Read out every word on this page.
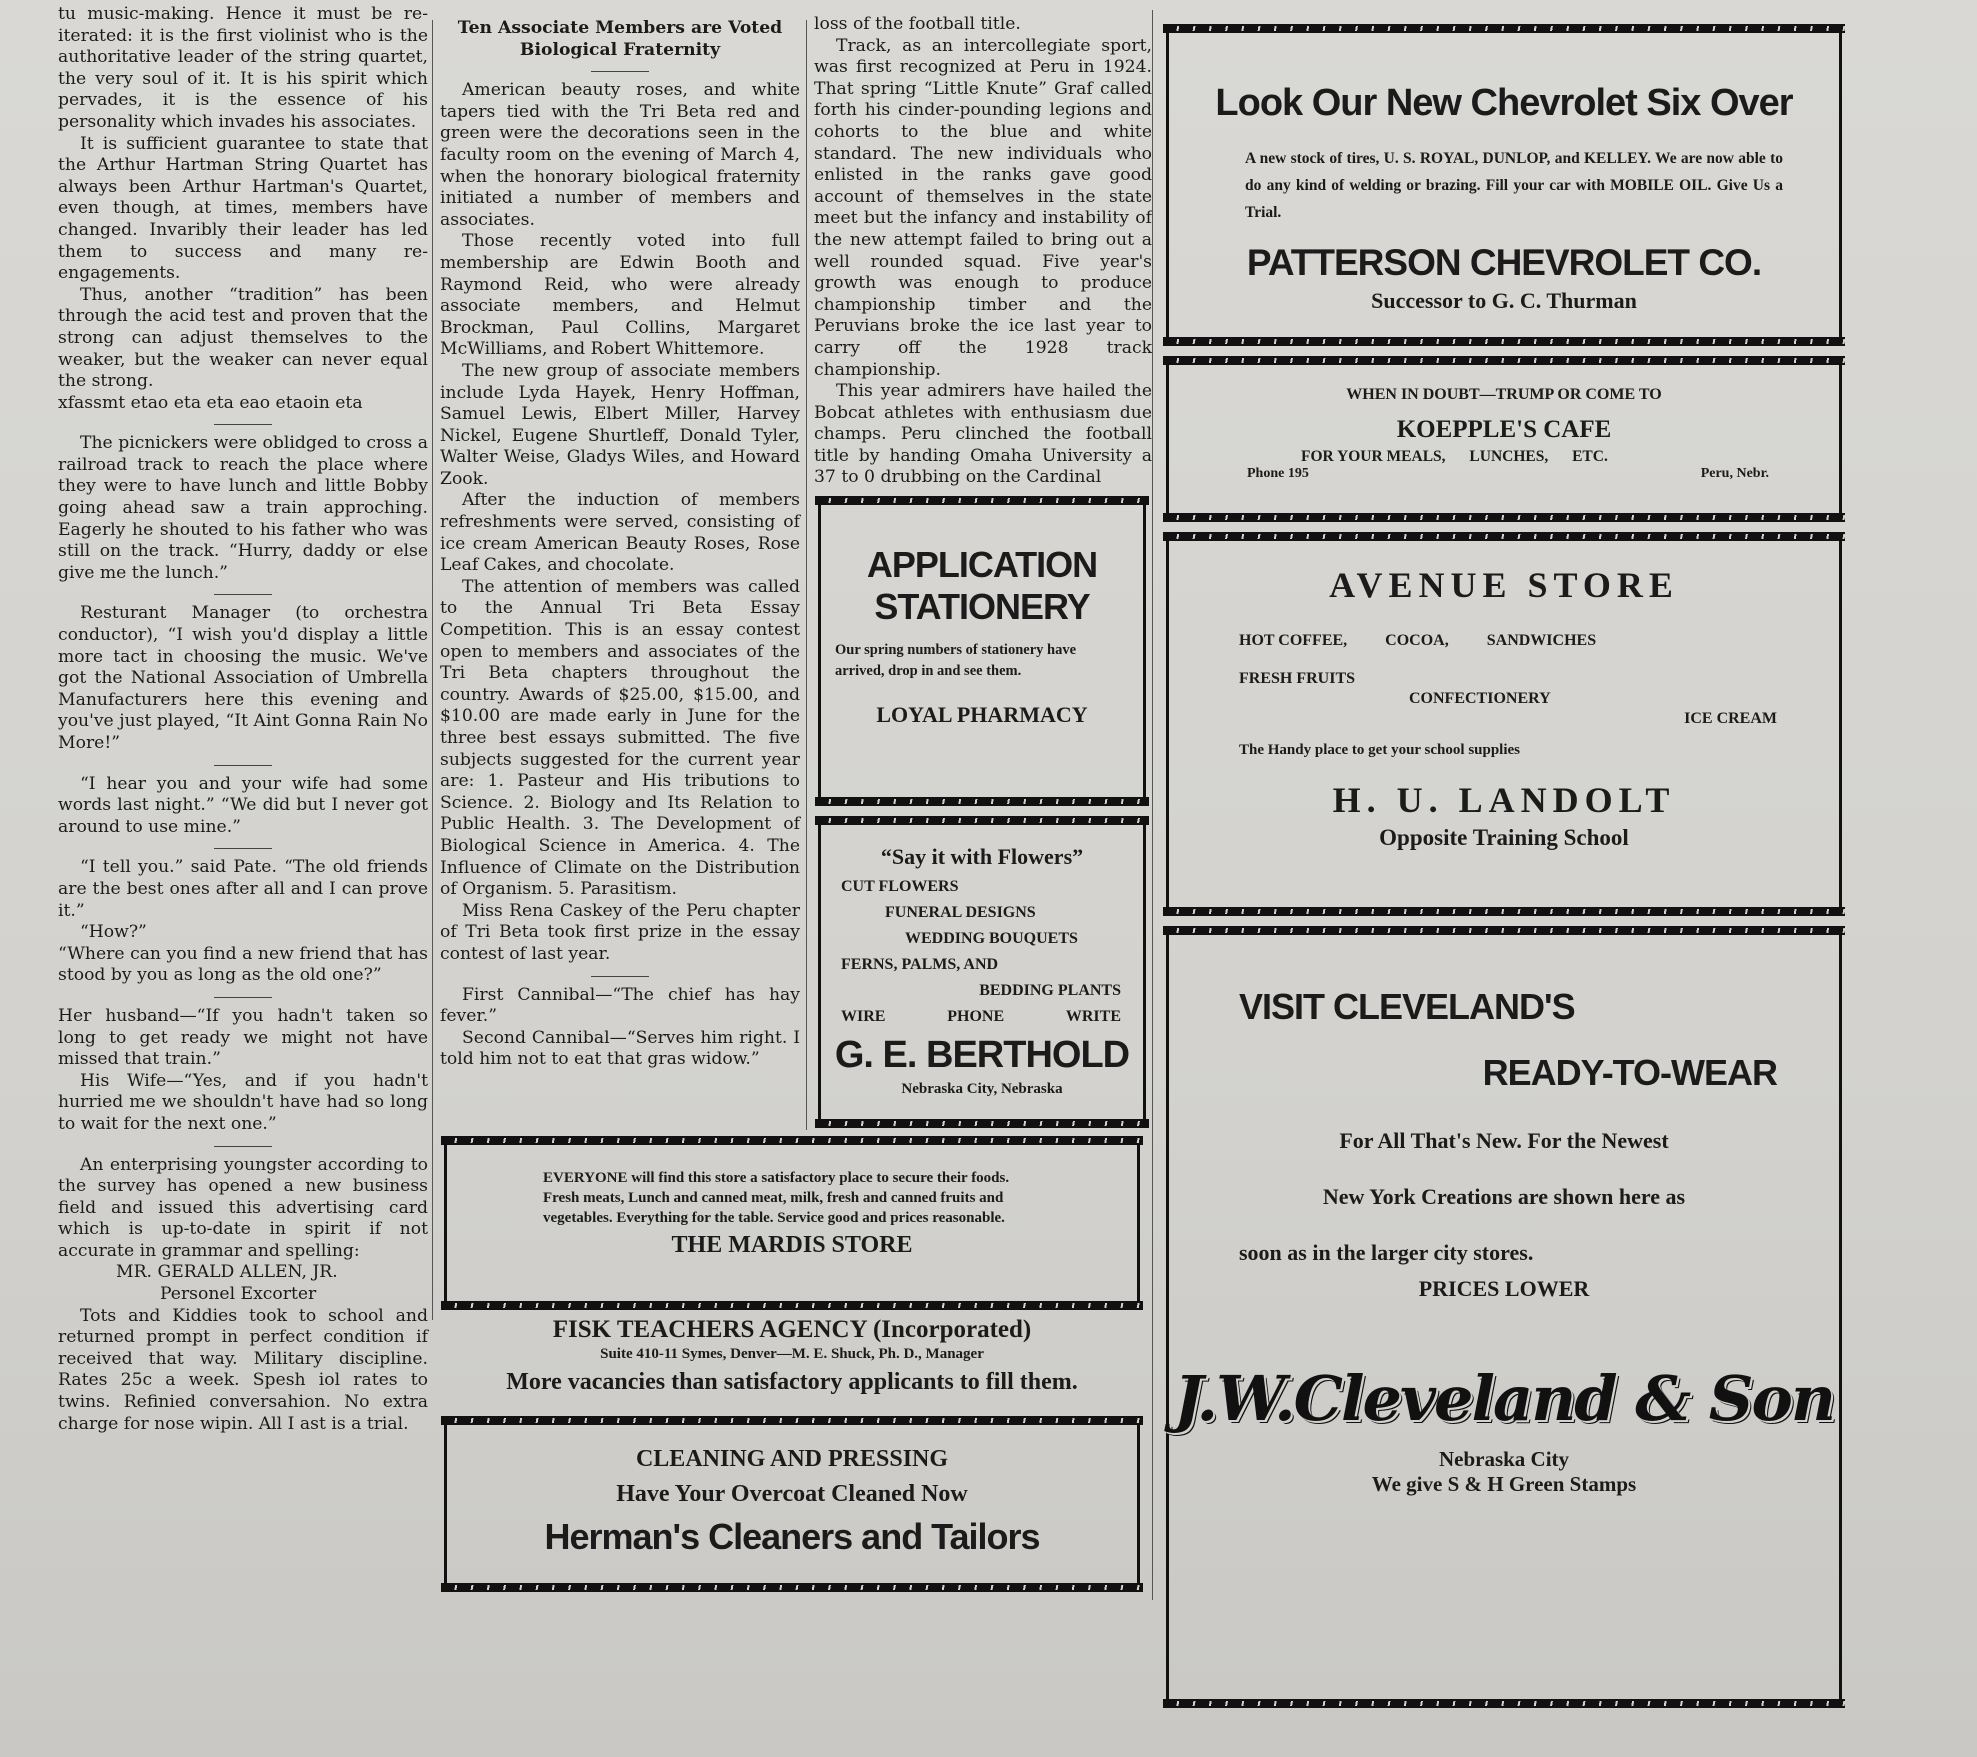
tu music-making. Hence it must be re-iterated: it is the first violinist who is the authoritative leader of the string quartet, the very soul of it. It is his spirit which pervades, it is the essence of his personality which invades his associates.

It is sufficient guarantee to state that the Arthur Hartman String Quartet has always been Arthur Hartman's Quartet, even though, at times, members have changed. Invaribly their leader has led them to success and many re-engagements.

Thus, another “tradition” has been through the acid test and proven that the strong can adjust themselves to the weaker, but the weaker can never equal the strong.

xfassmt etao eta eta eao etaoin eta

The picnickers were oblidged to cross a railroad track to reach the place where they were to have lunch and little Bobby going ahead saw a train approching. Eagerly he shouted to his father who was still on the track. “Hurry, daddy or else give me the lunch.”

Resturant Manager (to orchestra conductor), “I wish you'd display a little more tact in choosing the music. We've got the National Association of Umbrella Manufacturers here this evening and you've just played, “It Aint Gonna Rain No More!”

“I hear you and your wife had some words last night.” “We did but I never got around to use mine.”

“I tell you.” said Pate. “The old friends are the best ones after all and I can prove it.”

“How?”

“Where can you find a new friend that has stood by you as long as the old one?”

Her husband—“If you hadn't taken so long to get ready we might not have missed that train.”

His Wife—“Yes, and if you hadn't hurried me we shouldn't have had so long to wait for the next one.”

An enterprising youngster according to the survey has opened a new business field and issued this advertising card which is up-to-date in spirit if not accurate in grammar and spelling:

MR. GERALD ALLEN, JR.

Personel Excorter

Tots and Kiddies took to school and returned prompt in perfect condition if received that way. Military discipline. Rates 25c a week. Spesh iol rates to twins. Refinied conversahion. No extra charge for nose wipin. All I ast is a trial.

Ten Associate Members are Voted

Biological Fraternity

American beauty roses, and white tapers tied with the Tri Beta red and green were the decorations seen in the faculty room on the evening of March 4, when the honorary biological fraternity initiated a number of members and associates.

Those recently voted into full membership are Edwin Booth and Raymond Reid, who were already associate members, and Helmut Brockman, Paul Collins, Margaret McWilliams, and Robert Whittemore.

The new group of associate members include Lyda Hayek, Henry Hoffman, Samuel Lewis, Elbert Miller, Harvey Nickel, Eugene Shurtleff, Donald Tyler, Walter Weise, Gladys Wiles, and Howard Zook.

After the induction of members refreshments were served, consisting of ice cream American Beauty Roses, Rose Leaf Cakes, and chocolate.

The attention of members was called to the Annual Tri Beta Essay Competition. This is an essay contest open to members and associates of the Tri Beta chapters throughout the country. Awards of $25.00, $15.00, and $10.00 are made early in June for the three best essays submitted. The five subjects suggested for the current year are: 1. Pasteur and His tributions to Science. 2. Biology and Its Relation to Public Health. 3. The Development of Biological Science in America. 4. The Influence of Climate on the Distribution of Organism. 5. Parasitism.

Miss Rena Caskey of the Peru chapter of Tri Beta took first prize in the essay contest of last year.

First Cannibal—“The chief has hay fever.”

Second Cannibal—“Serves him right. I told him not to eat that gras widow.”

loss of the football title.

Track, as an intercollegiate sport, was first recognized at Peru in 1924. That spring “Little Knute” Graf called forth his cinder-pounding legions and cohorts to the blue and white standard. The new individuals who enlisted in the ranks gave good account of themselves in the state meet but the infancy and instability of the new attempt failed to bring out a well rounded squad. Five year's growth was enough to produce championship timber and the Peruvians broke the ice last year to carry off the 1928 track championship.

This year admirers have hailed the Bobcat athletes with enthusiasm due champs. Peru clinched the football title by handing Omaha University a 37 to 0 drubbing on the Cardinal

Look Our New Chevrolet Six Over
A new stock of tires, U. S. ROYAL, DUNLOP, and KELLEY. We are now able to do any kind of welding or brazing. Fill your car with MOBILE OIL. Give Us a Trial.
PATTERSON CHEVROLET CO.
Successor to G. C. Thurman
WHEN IN DOUBT—TRUMP OR COME TO
KOEPPLE'S CAFE
FOR YOUR MEALS, LUNCHES, ETC.
Phone 195	Peru, Nebr.
AVENUE STORE
HOT COFFEE, COCOA, SANDWICHES
FRESH FRUITS
CONFECTIONERY
ICE CREAM
The Handy place to get your school supplies
H. U. LANDOLT
Opposite Training School
VISIT CLEVELAND'S
READY-TO-WEAR
For All That's New. For the Newest
New York Creations are shown here as
soon as in the larger city stores.
PRICES LOWER
J.W.Cleveland & Son
Nebraska City
We give S & H Green Stamps
APPLICATION
STATIONERY
Our spring numbers of stationery have arrived, drop in and see them.
LOYAL PHARMACY
“Say it with Flowers”
CUT FLOWERS
FUNERAL DESIGNS
WEDDING BOUQUETS
FERNS, PALMS, AND
BEDDING PLANTS
WIRE	PHONE	WRITE
G. E. BERTHOLD
Nebraska City, Nebraska
EVERYONE will find this store a satisfactory place to secure their foods. Fresh meats, Lunch and canned meat, milk, fresh and canned fruits and vegetables. Everything for the table. Service good and prices reasonable.
THE MARDIS STORE
FISK TEACHERS AGENCY (Incorporated)
Suite 410-11 Symes, Denver—M. E. Shuck, Ph. D., Manager
More vacancies than satisfactory applicants to fill them.
CLEANING AND PRESSING
Have Your Overcoat Cleaned Now
Herman's Cleaners and Tailors
